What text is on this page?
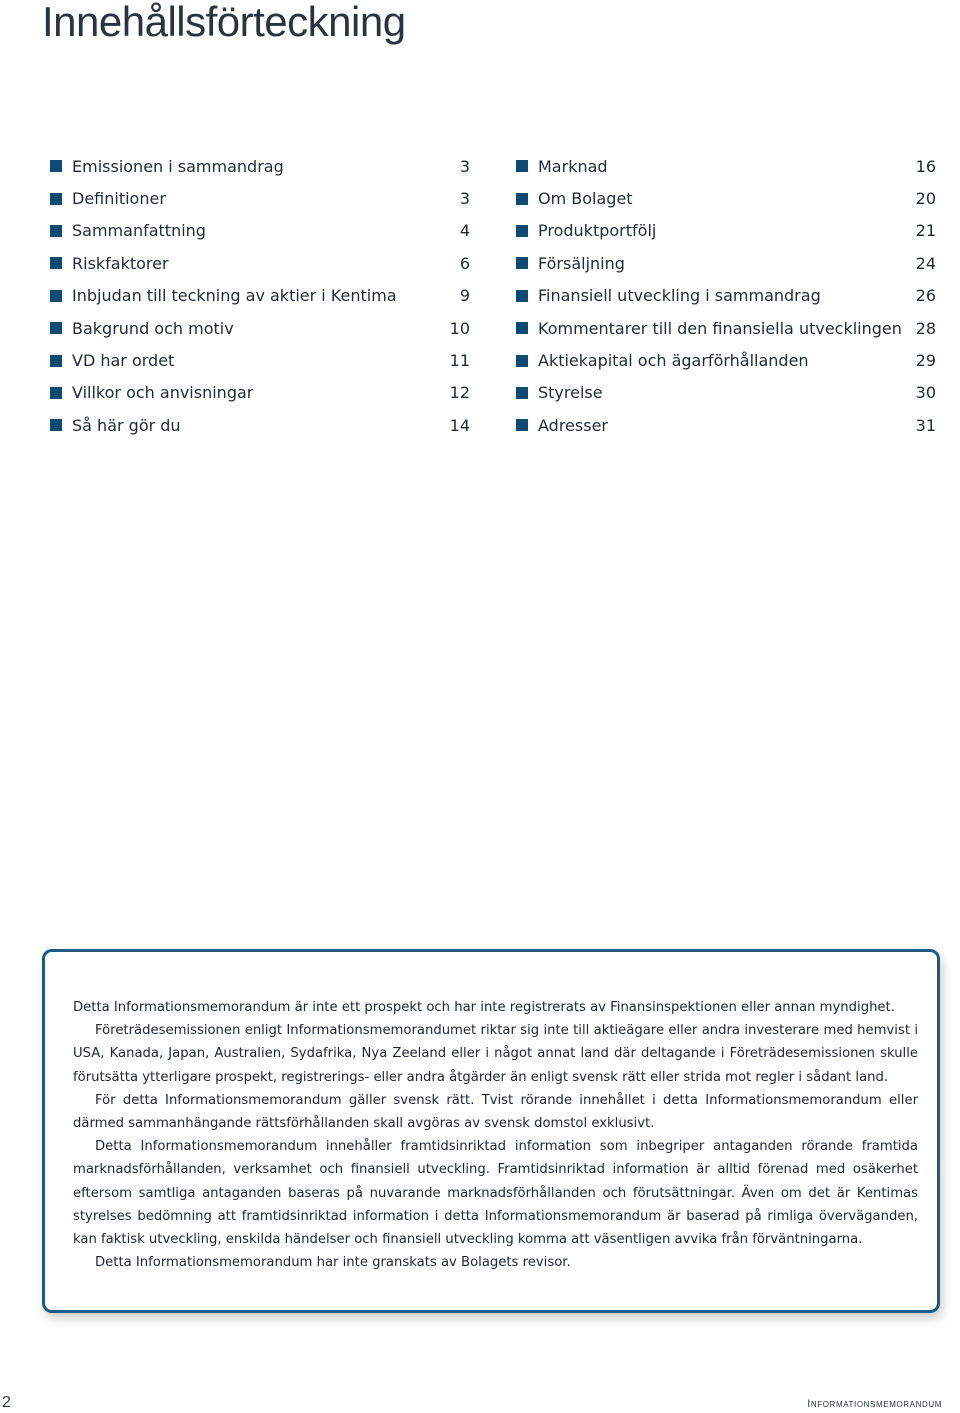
Innehållsförteckning
Emissionen i sammandrag	3
Definitioner	3
Sammanfattning	4
Riskfaktorer	6
Inbjudan till teckning av aktier i Kentima	9
Bakgrund och motiv	10
VD har ordet	11
Villkor och anvisningar	12
Så här gör du	14
Marknad	16
Om Bolaget	20
Produktportfölj	21
Försäljning	24
Finansiell utveckling i sammandrag	26
Kommentarer till den finansiella utvecklingen 28
Aktiekapital och ägarförhållanden	29
Styrelse	30
Adresser	31

Detta Informationsmemorandum är inte ett prospekt och har inte registrerats av Finansinspektionen eller annan myndighet.

Företrädesemissionen enligt Informationsmemorandumet riktar sig inte till aktieägare eller andra investerare med hemvist i USA, Kanada, Japan, Australien, Sydafrika, Nya Zeeland eller i något annat land där deltagande i Företrädesemissionen skulle förutsätta ytterligare prospekt, registrerings- eller andra åtgärder än enligt svensk rätt eller strida mot regler i sådant land.

För detta Informationsmemorandum gäller svensk rätt. Tvist rörande innehållet i detta Informationsmemorandum eller därmed sammanhängande rättsförhållanden skall avgöras av svensk domstol exklusivt.

Detta Informationsmemorandum innehåller framtidsinriktad information som inbegriper antaganden rörande framtida marknadsförhållanden, verksamhet och finansiell utveckling. Framtidsinriktad information är alltid förenad med osäkerhet eftersom samtliga antaganden baseras på nuvarande marknadsförhållanden och förutsättningar. Även om det är Kentimas styrelses bedömning att framtidsinriktad information i detta Informationsmemorandum är baserad på rimliga överväganden, kan faktisk utveckling, enskilda händelser och finansiell utveckling komma att väsentligen avvika från förväntningarna.

Detta Informationsmemorandum har inte granskats av Bolagets revisor.

2	Informationsmemorandum
